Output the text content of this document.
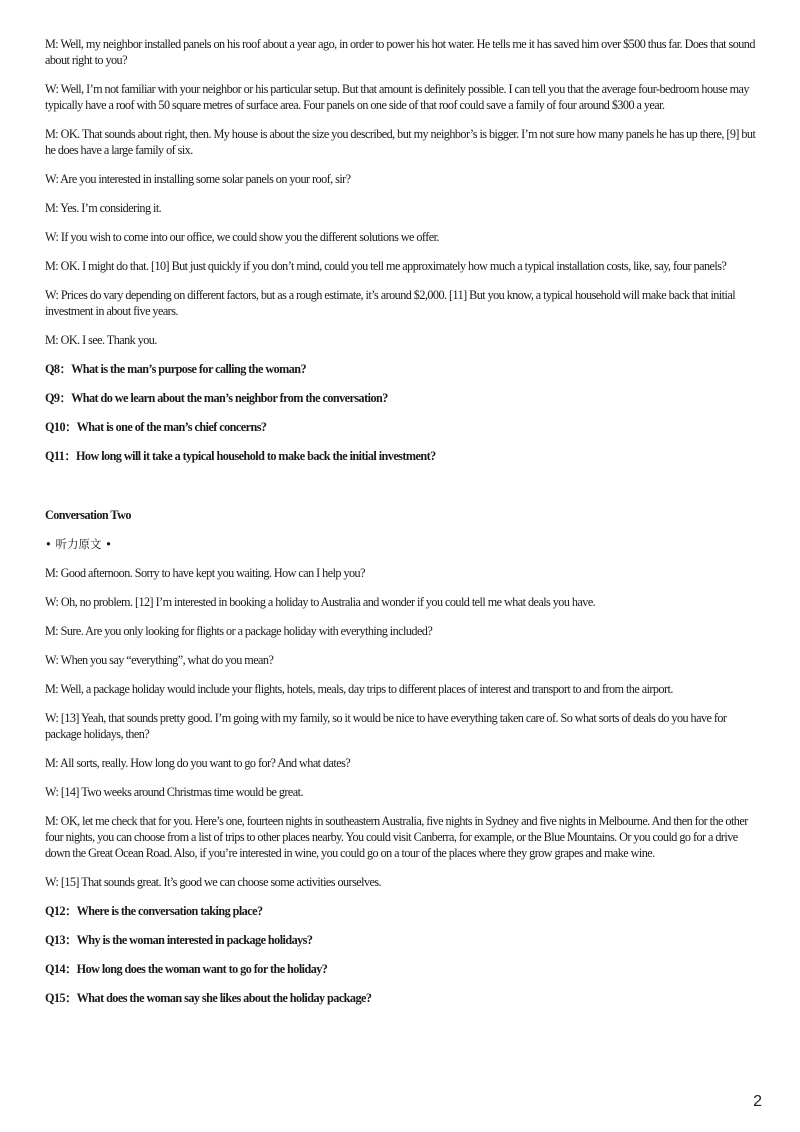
M: Well, my neighbor installed panels on his roof about a year ago, in order to power his hot water. He tells me it has saved him over $500 thus far. Does that sound about right to you?

W: Well, I’m not familiar with your neighbor or his particular setup. But that amount is definitely possible. I can tell you that the average four-bedroom house may typically have a roof with 50 square metres of surface area. Four panels on one side of that roof could save a family of four around $300 a year.

M: OK. That sounds about right, then. My house is about the size you described, but my neighbor’s is bigger. I’m not sure how many panels he has up there, [9] but he does have a large family of six.

W: Are you interested in installing some solar panels on your roof, sir?

M: Yes. I’m considering it.

W: If you wish to come into our office, we could show you the different solutions we offer.

M: OK. I might do that. [10] But just quickly if you don’t mind, could you tell me approximately how much a typical installation costs, like, say, four panels?

W: Prices do vary depending on different factors, but as a rough estimate, it’s around $2,000. [11] But you know, a typical household will make back that initial investment in about five years.

M: OK. I see. Thank you.

Q8：What is the man’s purpose for calling the woman?

Q9：What do we learn about the man’s neighbor from the conversation?

Q10：What is one of the man’s chief concerns?

Q11：How long will it take a typical household to make back the initial investment?

Conversation Two

• 听力原文 •

M: Good afternoon. Sorry to have kept you waiting. How can I help you?

W: Oh, no problem. [12] I’m interested in booking a holiday to Australia and wonder if you could tell me what deals you have.

M: Sure. Are you only looking for flights or a package holiday with everything included?

W: When you say “everything”, what do you mean?

M: Well, a package holiday would include your flights, hotels, meals, day trips to different places of interest and transport to and from the airport.

W: [13] Yeah, that sounds pretty good. I’m going with my family, so it would be nice to have everything taken care of. So what sorts of deals do you have for package holidays, then?

M: All sorts, really. How long do you want to go for? And what dates?

W: [14] Two weeks around Christmas time would be great.

M: OK, let me check that for you. Here’s one, fourteen nights in southeastern Australia, five nights in Sydney and five nights in Melbourne. And then for the other four nights, you can choose from a list of trips to other places nearby. You could visit Canberra, for example, or the Blue Mountains. Or you could go for a drive down the Great Ocean Road. Also, if you’re interested in wine, you could go on a tour of the places where they grow grapes and make wine.

W: [15] That sounds great. It’s good we can choose some activities ourselves.

Q12：Where is the conversation taking place?

Q13：Why is the woman interested in package holidays?

Q14：How long does the woman want to go for the holiday?

Q15：What does the woman say she likes about the holiday package?

2
